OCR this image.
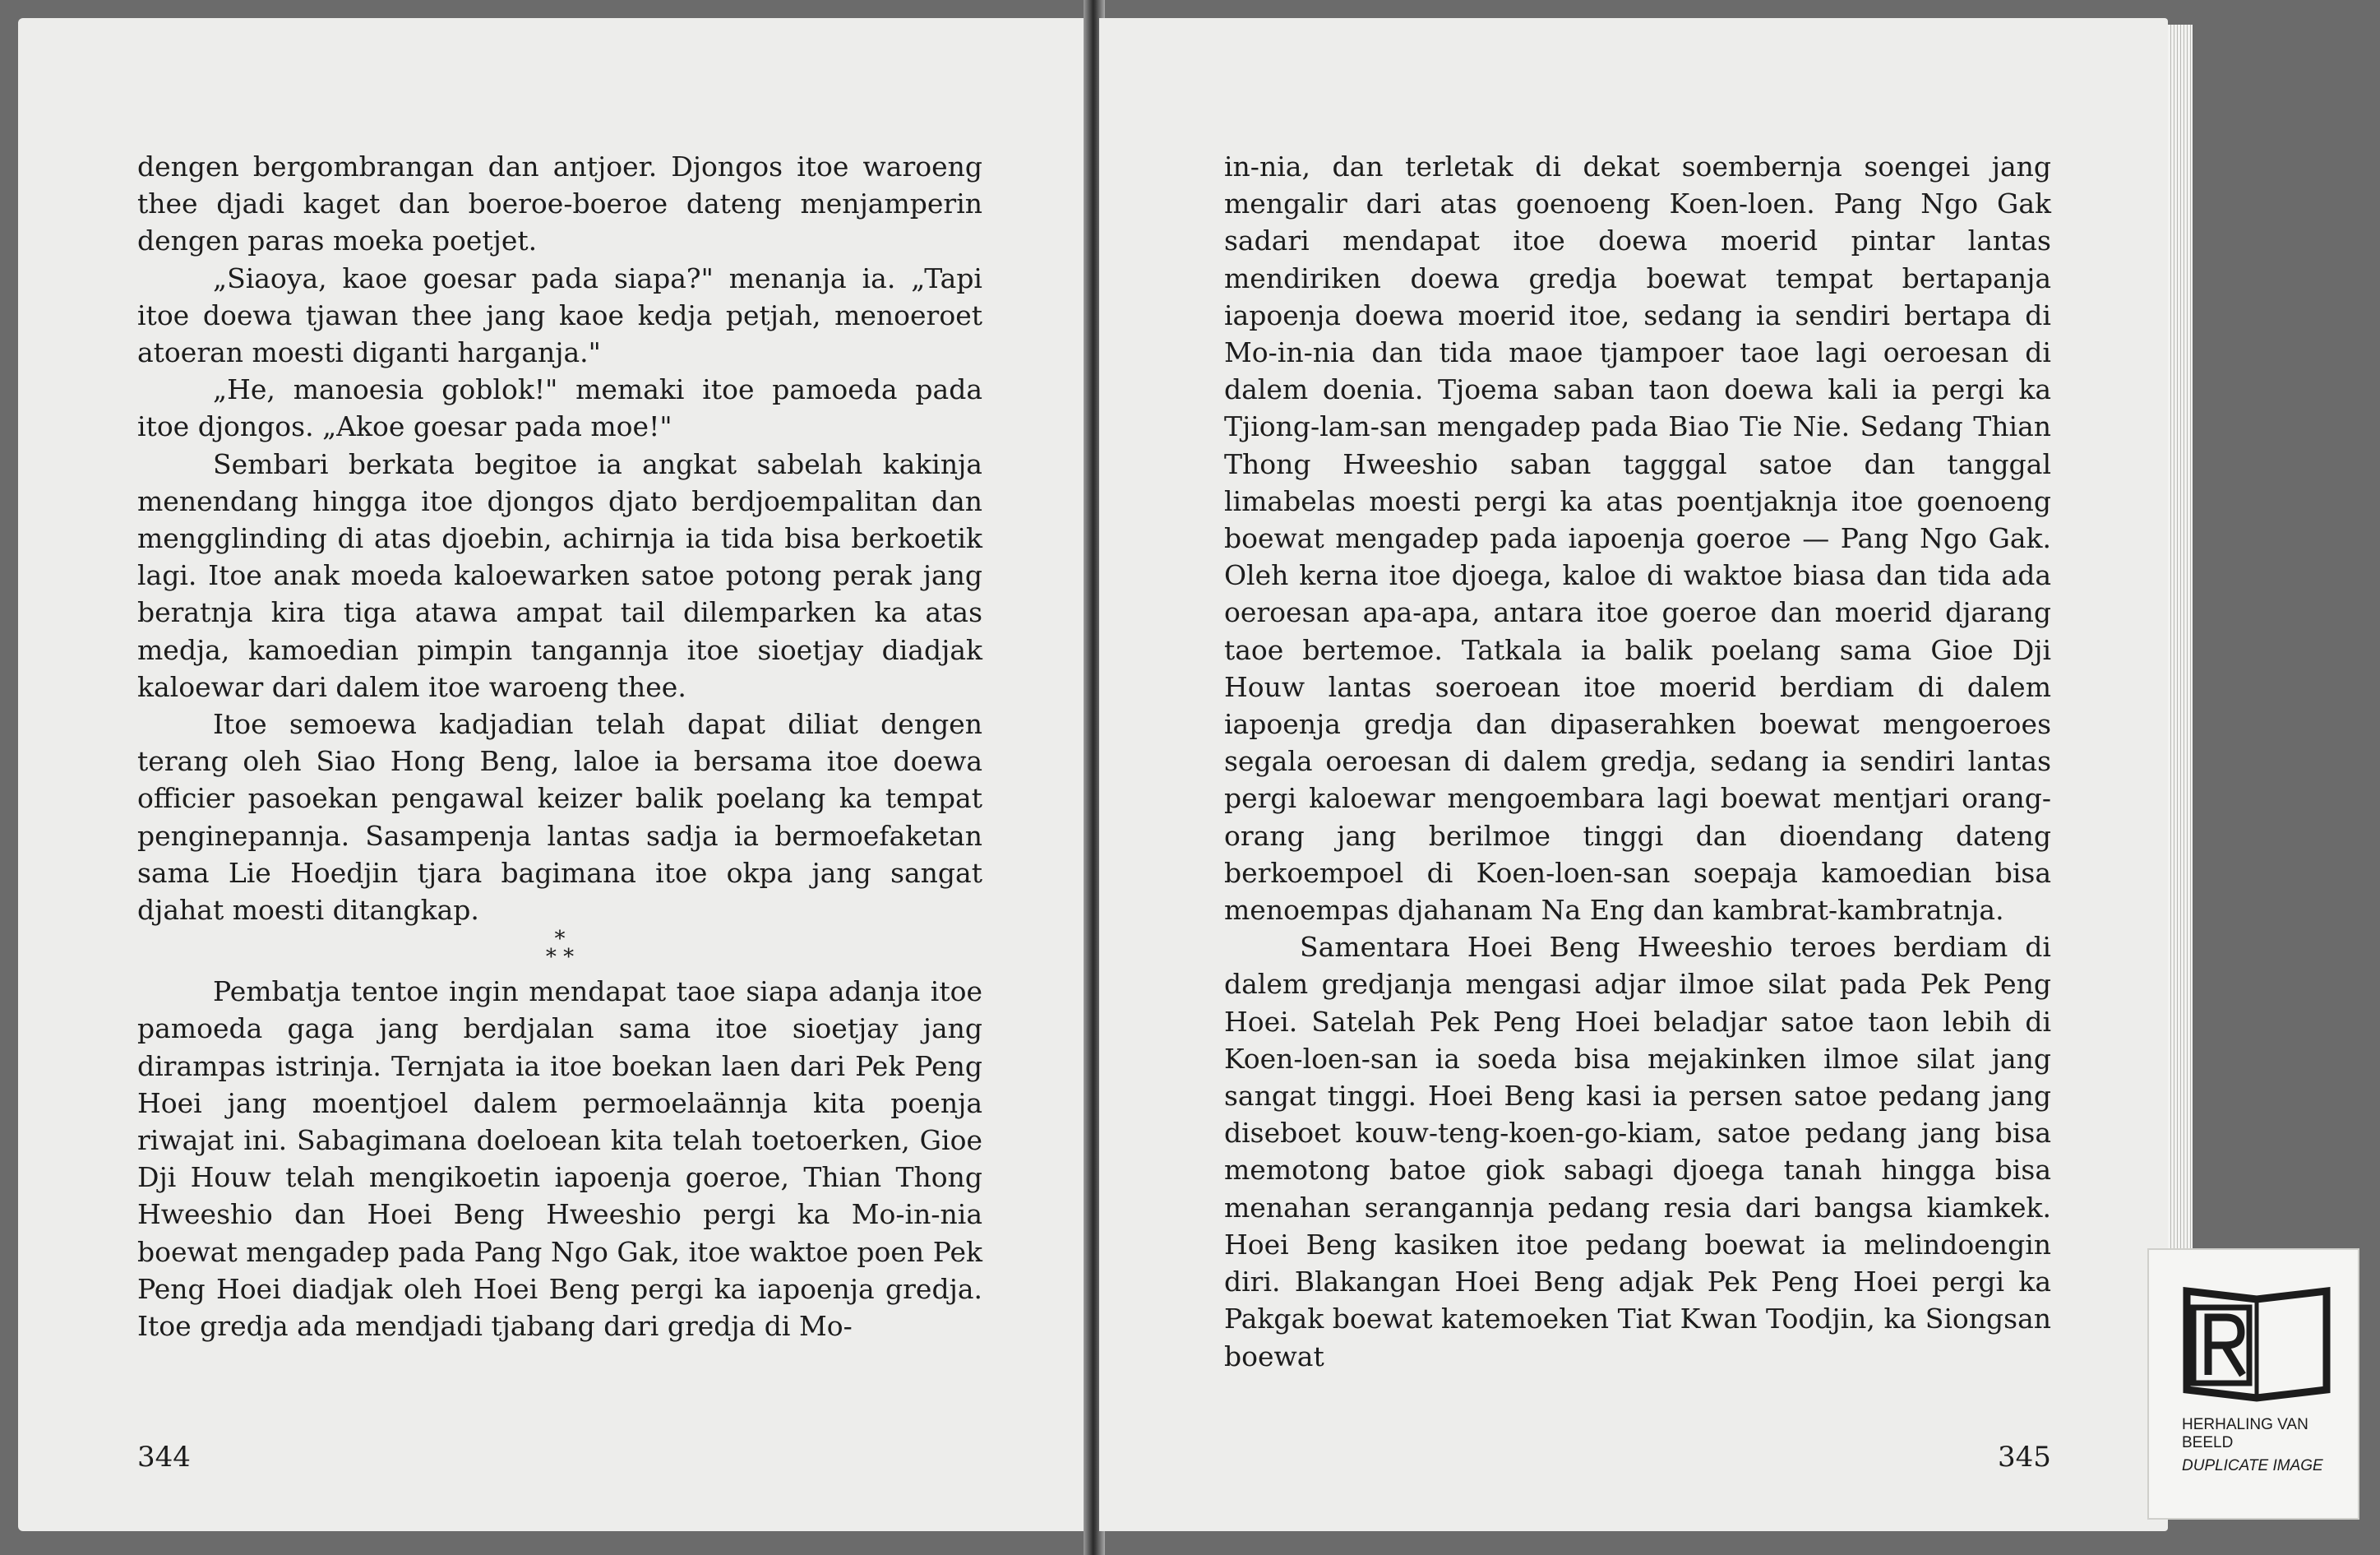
dengen bergombrangan dan antjoer. Djongos itoe waroeng thee djadi kaget dan boeroe-boeroe dateng menjamperin dengen paras moeka poetjet.

„Siaoya, kaoe goesar pada siapa?" menanja ia. „Tapi itoe doewa tjawan thee jang kaoe kedja petjah, menoeroet atoeran moesti diganti harganja."

„He, manoesia goblok!" memaki itoe pamoeda pada itoe djongos. „Akoe goesar pada moe!"

Sembari berkata begitoe ia angkat sabelah kakinja menendang hingga itoe djongos djato berdjoempalitan dan mengglinding di atas djoebin, achirnja ia tida bisa berkoetik lagi. Itoe anak moeda kaloewarken satoe potong perak jang beratnja kira tiga atawa ampat tail dilemparken ka atas medja, kamoedian pimpin tangannja itoe sioetjay diadjak kaloewar dari dalem itoe waroeng thee.

Itoe semoewa kadjadian telah dapat diliat dengen terang oleh Siao Hong Beng, laloe ia bersama itoe doewa officier pasoekan pengawal keizer balik poelang ka tempat penginepannja. Sasampenja lantas sadja ia bermoefaketan sama Lie Hoedjin tjara bagimana itoe okpa jang sangat djahat moesti ditangkap.

*
* *

Pembatja tentoe ingin mendapat taoe siapa adanja itoe pamoeda gaga jang berdjalan sama itoe sioetjay jang dirampas istrinja. Ternjata ia itoe boekan laen dari Pek Peng Hoei jang moentjoel dalem permoelaännja kita poenja riwajat ini. Sabagimana doeloean kita telah toetoerken, Gioe Dji Houw telah mengikoetin iapoenja goeroe, Thian Thong Hweeshio dan Hoei Beng Hweeshio pergi ka Mo-in-nia boewat mengadep pada Pang Ngo Gak, itoe waktoe poen Pek Peng Hoei diadjak oleh Hoei Beng pergi ka iapoenja gredja. Itoe gredja ada mendjadi tjabang dari gredja di Mo-

344

in-nia, dan terletak di dekat soembernja soengei jang mengalir dari atas goenoeng Koen-loen. Pang Ngo Gak sadari mendapat itoe doewa moerid pintar lantas mendiriken doewa gredja boewat tempat bertapanja iapoenja doewa moerid itoe, sedang ia sendiri bertapa di Mo-in-nia dan tida maoe tjampoer taoe lagi oeroesan di dalem doenia. Tjoema saban taon doewa kali ia pergi ka Tjiong-lam-san mengadep pada Biao Tie Nie. Sedang Thian Thong Hweeshio saban tagggal satoe dan tanggal limabelas moesti pergi ka atas poentjaknja itoe goenoeng boewat mengadep pada iapoenja goeroe — Pang Ngo Gak. Oleh kerna itoe djoega, kaloe di waktoe biasa dan tida ada oeroesan apa-apa, antara itoe goeroe dan moerid djarang taoe bertemoe. Tatkala ia balik poelang sama Gioe Dji Houw lantas soeroean itoe moerid berdiam di dalem iapoenja gredja dan dipaserahken boewat mengoeroes segala oeroesan di dalem gredja, sedang ia sendiri lantas pergi kaloewar mengoembara lagi boewat mentjari orang-orang jang berilmoe tinggi dan dioendang dateng berkoempoel di Koen-loen-san soepaja kamoedian bisa menoempas djahanam Na Eng dan kambrat-kambratnja.

Samentara Hoei Beng Hweeshio teroes berdiam di dalem gredjanja mengasi adjar ilmoe silat pada Pek Peng Hoei. Satelah Pek Peng Hoei beladjar satoe taon lebih di Koen-loen-san ia soeda bisa mejakinken ilmoe silat jang sangat tinggi. Hoei Beng kasi ia persen satoe pedang jang diseboet kouw-teng-koen-go-kiam, satoe pedang jang bisa memotong batoe giok sabagi djoega tanah hingga bisa menahan serangannja pedang resia dari bangsa kiamkek. Hoei Beng kasiken itoe pedang boewat ia melindoengin diri. Blakangan Hoei Beng adjak Pek Peng Hoei pergi ka Pakgak boewat katemoeken Tiat Kwan Toodjin, ka Siongsan boewat

345
HERHALING VAN BEELD
DUPLICATE IMAGE
